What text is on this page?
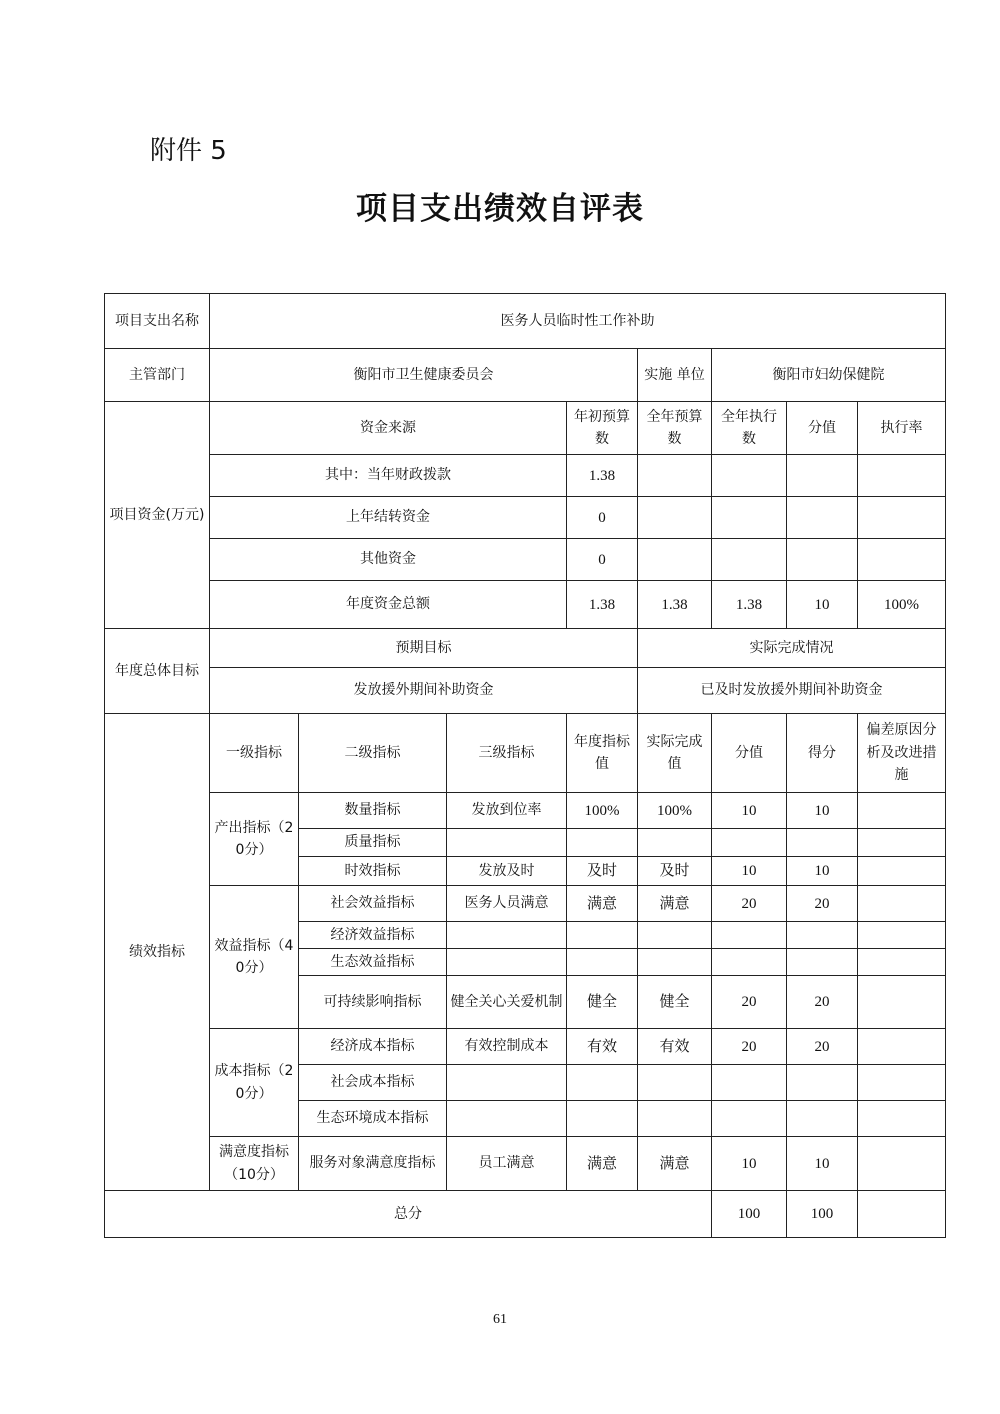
附件 5
项目支出绩效自评表
项目支出名称	医务人员临时性工作补助							
主管部门	衡阳市卫生健康委员会				实施 单位	衡阳市妇幼保健院		
项目资金(万元)	资金来源			年初预算数	全年预算数	全年执行数	分值	执行率
	其中：当年财政拨款			1.38				
	上年结转资金			0				
	其他资金			0				
	年度资金总额			1.38	1.38	1.38	10	100%
年度总体目标	预期目标				实际完成情况			
	发放援外期间补助资金				已及时发放援外期间补助资金			
绩效指标	一级指标	二级指标	三级指标	年度指标值	实际完成值	分值	得分	偏差原因分析及改进措施
	产出指标（20分）	数量指标	发放到位率	100%	100%	10	10	
		质量指标						
		时效指标	发放及时	及时	及时	10	10	
	效益指标（40分）	社会效益指标	医务人员满意	满意	满意	20	20	
		经济效益指标						
		生态效益指标						
		可持续影响指标	健全关心关爱机制	健全	健全	20	20	
	成本指标（20分）	经济成本指标	有效控制成本	有效	有效	20	20	
		社会成本指标						
		生态环境成本指标						
	满意度指标（10分）	服务对象满意度指标	员工满意	满意	满意	10	10	
总分						100	100	
61
